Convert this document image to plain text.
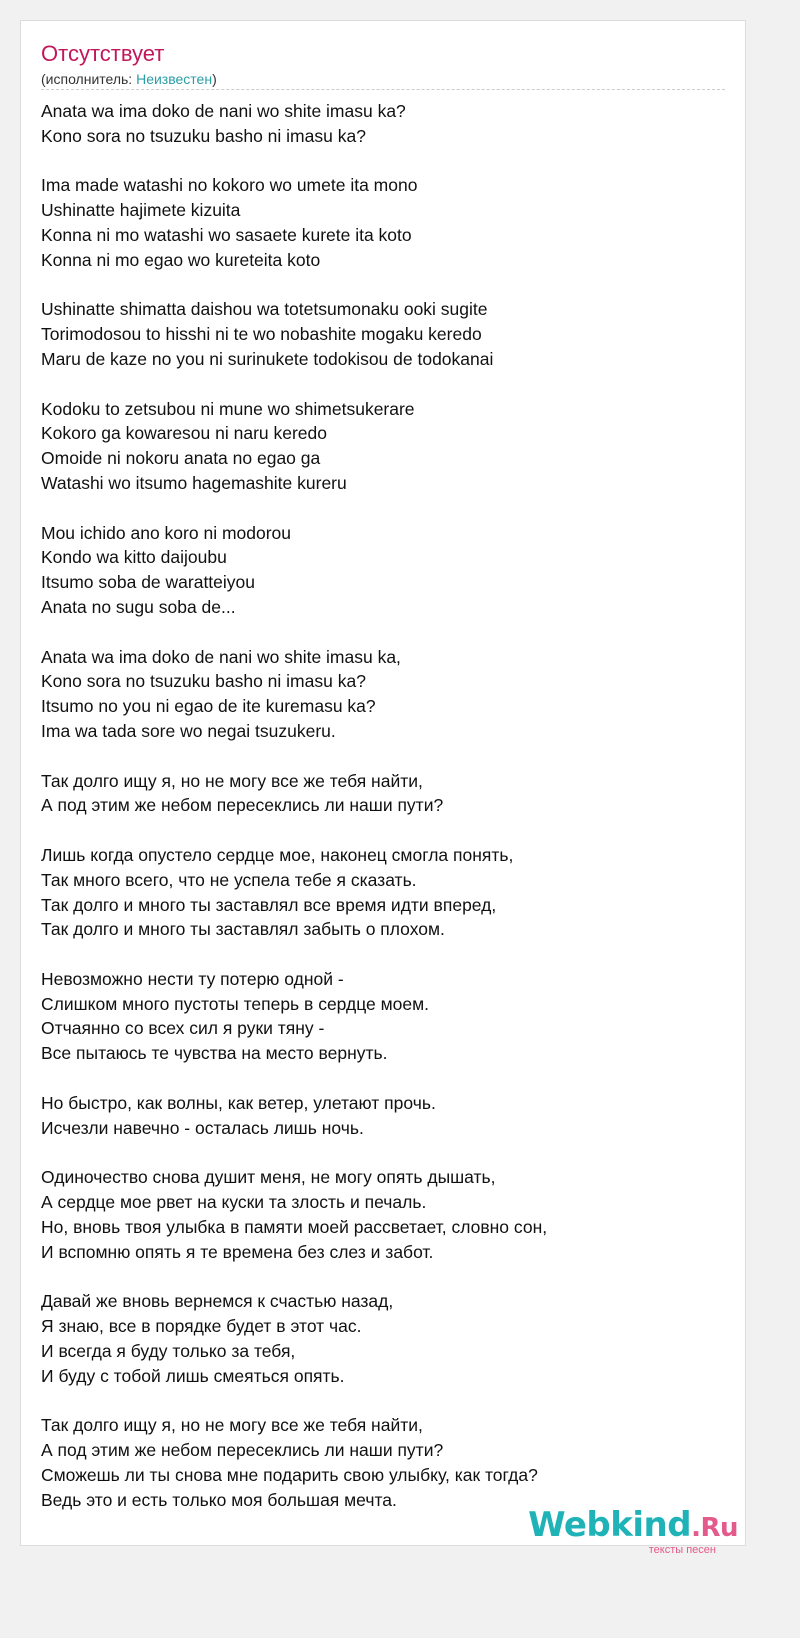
Отсутствует
(исполнитель: Неизвестен)
Anata wa ima doko de nani wo shite imasu ka?
Kono sora no tsuzuku basho ni imasu ka?
Ima made watashi no kokoro wo umete ita mono
Ushinatte hajimete kizuita
Konna ni mo watashi wo sasaete kurete ita koto
Konna ni mo egao wo kureteita koto
Ushinatte shimatta daishou wa totetsumonaku ooki sugite
Torimodosou to hisshi ni te wo nobashite mogaku keredo
Maru de kaze no you ni surinukete todokisou de todokanai
Kodoku to zetsubou ni mune wo shimetsukerare
Kokoro ga kowaresou ni naru keredo
Omoide ni nokoru anata no egao ga
Watashi wo itsumo hagemashite kureru
Mou ichido ano koro ni modorou
Kondo wa kitto daijoubu
Itsumo soba de waratteiyou
Anata no sugu soba de...
Anata wa ima doko de nani wo shite imasu ka,
Kono sora no tsuzuku basho ni imasu ka?
Itsumo no you ni egao de ite kuremasu ka?
Ima wa tada sore wo negai tsuzukeru.
Так долго ищу я, но не могу все же тебя найти,
А под этим же небом пересеклись ли наши пути?
Лишь когда опустело сердце мое, наконец смогла понять,
Так много всего, что не успела тебе я сказать.
Так долго и много ты заставлял все время идти вперед,
Так долго и много ты заставлял забыть о плохом.
Невозможно нести ту потерю одной -
Слишком много пустоты теперь в сердце моем.
Отчаянно со всех сил я руки тяну -
Все пытаюсь те чувства на место вернуть.
Но быстро, как волны, как ветер, улетают прочь.
Исчезли навечно - осталась лишь ночь.
Одиночество снова душит меня, не могу опять дышать,
А сердце мое рвет на куски та злость и печаль.
Но, вновь твоя улыбка в памяти моей рассветает, словно сон,
И вспомню опять я те времена без слез и забот.
Давай же вновь вернемся к счастью назад,
Я знаю, все в порядке будет в этот час.
И всегда я буду только за тебя,
И буду с тобой лишь смеяться опять.
Так долго ищу я, но не могу все же тебя найти,
А под этим же небом пересеклись ли наши пути?
Сможешь ли ты снова мне подарить свою улыбку, как тогда?
Ведь это и есть только моя большая мечта.
Webkind.Ru
тексты песен
